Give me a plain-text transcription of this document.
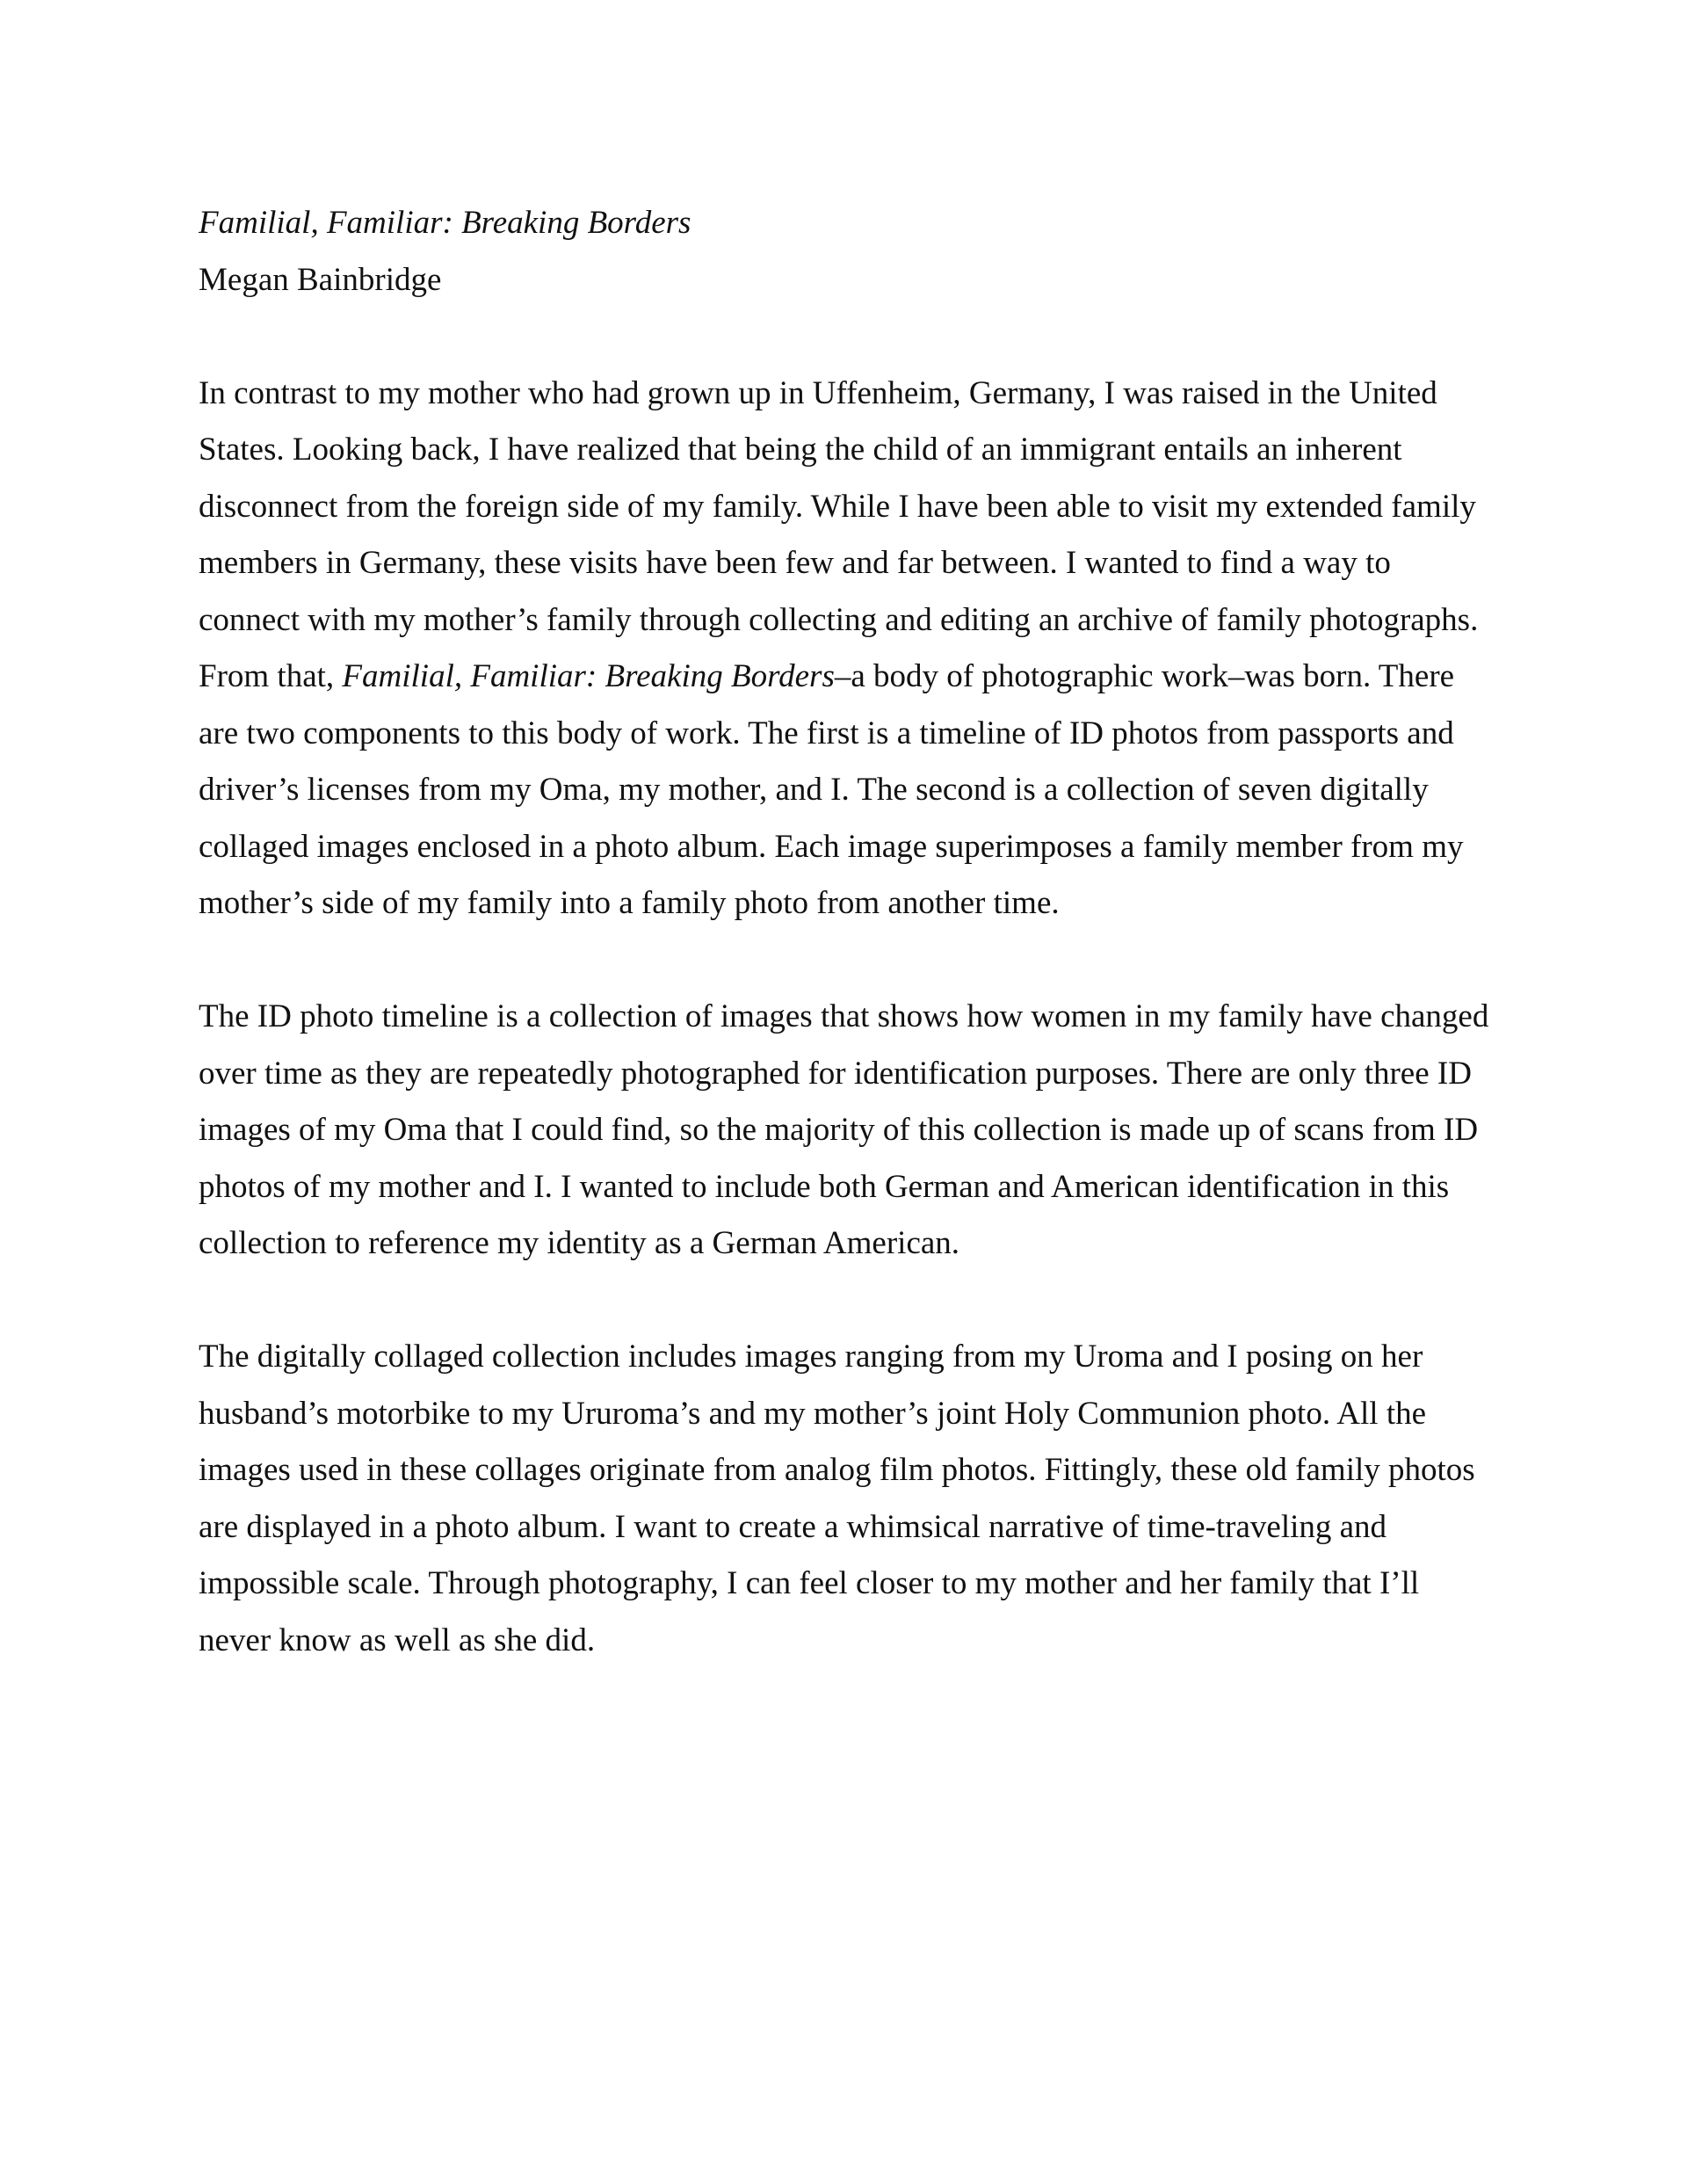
Familial, Familiar: Breaking Borders

Megan Bainbridge

In contrast to my mother who had grown up in Uffenheim, Germany, I was raised in the United States. Looking back, I have realized that being the child of an immigrant entails an inherent disconnect from the foreign side of my family. While I have been able to visit my extended family members in Germany, these visits have been few and far between. I wanted to find a way to connect with my mother’s family through collecting and editing an archive of family photographs. From that, Familial, Familiar: Breaking Borders–a body of photographic work–was born. There are two components to this body of work. The first is a timeline of ID photos from passports and driver’s licenses from my Oma, my mother, and I. The second is a collection of seven digitally collaged images enclosed in a photo album. Each image superimposes a family member from my mother’s side of my family into a family photo from another time.

The ID photo timeline is a collection of images that shows how women in my family have changed over time as they are repeatedly photographed for identification purposes. There are only three ID images of my Oma that I could find, so the majority of this collection is made up of scans from ID photos of my mother and I. I wanted to include both German and American identification in this collection to reference my identity as a German American.

The digitally collaged collection includes images ranging from my Uroma and I posing on her husband’s motorbike to my Ururoma’s and my mother’s joint Holy Communion photo. All the images used in these collages originate from analog film photos. Fittingly, these old family photos are displayed in a photo album. I want to create a whimsical narrative of time-traveling and impossible scale. Through photography, I can feel closer to my mother and her family that I’ll never know as well as she did.
